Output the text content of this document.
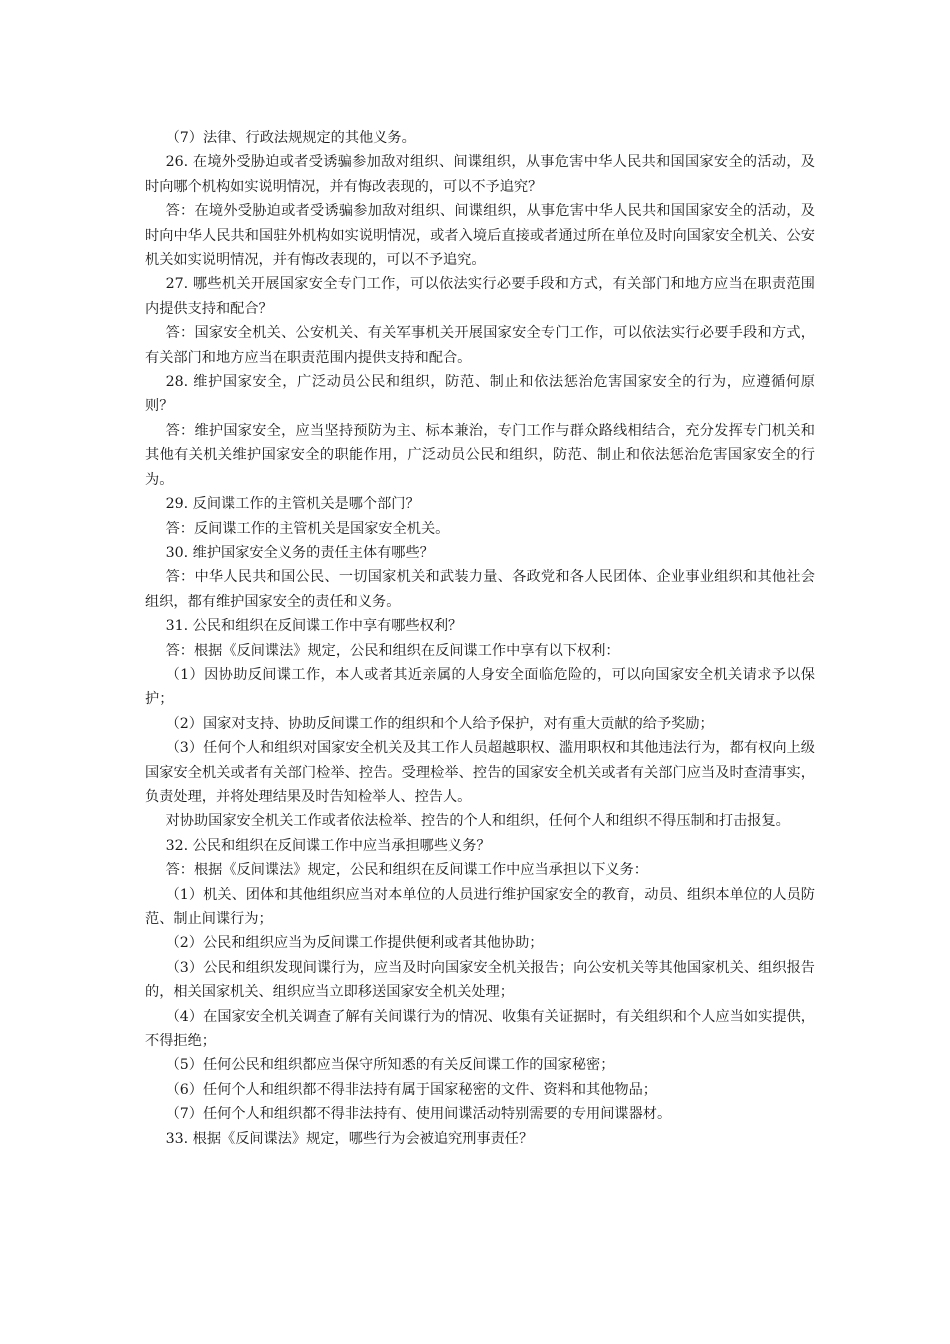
（7）法律、行政法规规定的其他义务。

26. 在境外受胁迫或者受诱骗参加敌对组织、间谍组织，从事危害中华人民共和国国家安全的活动，及时向哪个机构如实说明情况，并有悔改表现的，可以不予追究？

答：在境外受胁迫或者受诱骗参加敌对组织、间谍组织，从事危害中华人民共和国国家安全的活动，及时向中华人民共和国驻外机构如实说明情况，或者入境后直接或者通过所在单位及时向国家安全机关、公安机关如实说明情况，并有悔改表现的，可以不予追究。

27. 哪些机关开展国家安全专门工作，可以依法实行必要手段和方式，有关部门和地方应当在职责范围内提供支持和配合？

答：国家安全机关、公安机关、有关军事机关开展国家安全专门工作，可以依法实行必要手段和方式，有关部门和地方应当在职责范围内提供支持和配合。

28. 维护国家安全，广泛动员公民和组织，防范、制止和依法惩治危害国家安全的行为，应遵循何原则？

答：维护国家安全，应当坚持预防为主、标本兼治，专门工作与群众路线相结合，充分发挥专门机关和其他有关机关维护国家安全的职能作用，广泛动员公民和组织，防范、制止和依法惩治危害国家安全的行为。

29. 反间谍工作的主管机关是哪个部门？

答：反间谍工作的主管机关是国家安全机关。

30. 维护国家安全义务的责任主体有哪些？

答：中华人民共和国公民、一切国家机关和武装力量、各政党和各人民团体、企业事业组织和其他社会组织，都有维护国家安全的责任和义务。

31. 公民和组织在反间谍工作中享有哪些权利？

答：根据《反间谍法》规定，公民和组织在反间谍工作中享有以下权利：

（1）因协助反间谍工作，本人或者其近亲属的人身安全面临危险的，可以向国家安全机关请求予以保护；

（2）国家对支持、协助反间谍工作的组织和个人给予保护，对有重大贡献的给予奖励；

（3）任何个人和组织对国家安全机关及其工作人员超越职权、滥用职权和其他违法行为，都有权向上级国家安全机关或者有关部门检举、控告。受理检举、控告的国家安全机关或者有关部门应当及时查清事实，负责处理，并将处理结果及时告知检举人、控告人。

对协助国家安全机关工作或者依法检举、控告的个人和组织，任何个人和组织不得压制和打击报复。

32. 公民和组织在反间谍工作中应当承担哪些义务？

答：根据《反间谍法》规定，公民和组织在反间谍工作中应当承担以下义务：

（1）机关、团体和其他组织应当对本单位的人员进行维护国家安全的教育，动员、组织本单位的人员防范、制止间谍行为；

（2）公民和组织应当为反间谍工作提供便利或者其他协助；

（3）公民和组织发现间谍行为，应当及时向国家安全机关报告；向公安机关等其他国家机关、组织报告的，相关国家机关、组织应当立即移送国家安全机关处理；

（4）在国家安全机关调查了解有关间谍行为的情况、收集有关证据时，有关组织和个人应当如实提供，不得拒绝；

（5）任何公民和组织都应当保守所知悉的有关反间谍工作的国家秘密；

（6）任何个人和组织都不得非法持有属于国家秘密的文件、资料和其他物品；

（7）任何个人和组织都不得非法持有、使用间谍活动特别需要的专用间谍器材。

33. 根据《反间谍法》规定，哪些行为会被追究刑事责任？
